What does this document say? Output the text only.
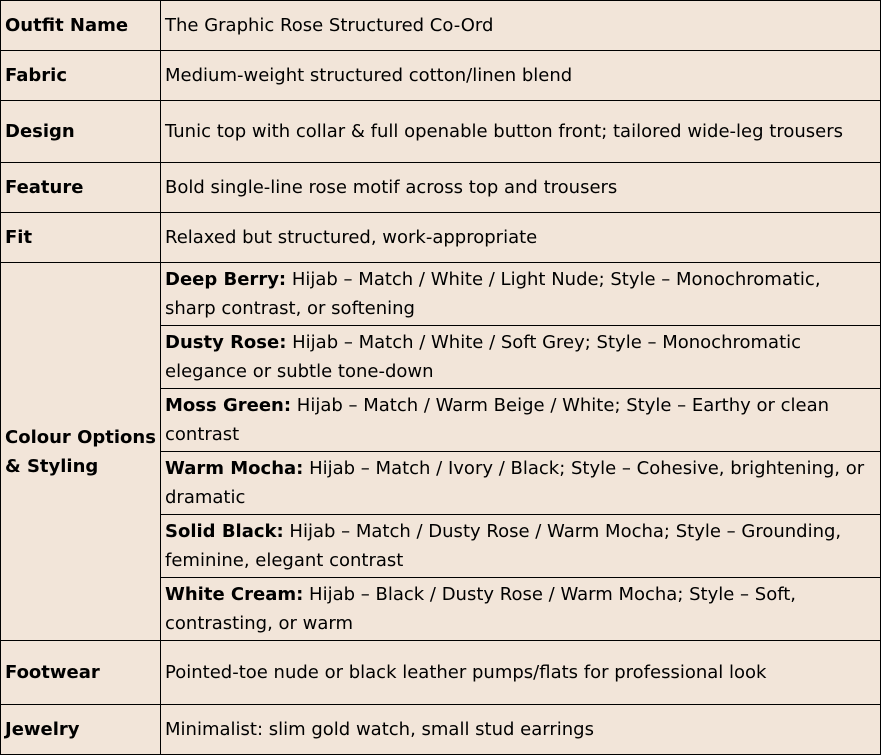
Outfit Name	The Graphic Rose Structured Co-Ord
Fabric	Medium-weight structured cotton/linen blend
Design	Tunic top with collar & full openable button front; tailored wide-leg trousers
Feature	Bold single-line rose motif across top and trousers
Fit	Relaxed but structured, work-appropriate
Colour Options & Styling	Deep Berry: Hijab – Match / White / Light Nude; Style – Monochromatic, sharp contrast, or softening
	Dusty Rose: Hijab – Match / White / Soft Grey; Style – Monochromatic elegance or subtle tone-down
	Moss Green: Hijab – Match / Warm Beige / White; Style – Earthy or clean contrast
	Warm Mocha: Hijab – Match / Ivory / Black; Style – Cohesive, brightening, or dramatic
	Solid Black: Hijab – Match / Dusty Rose / Warm Mocha; Style – Grounding, feminine, elegant contrast
	White Cream: Hijab – Black / Dusty Rose / Warm Mocha; Style – Soft, contrasting, or warm
Footwear	Pointed-toe nude or black leather pumps/flats for professional look
Jewelry	Minimalist: slim gold watch, small stud earrings
